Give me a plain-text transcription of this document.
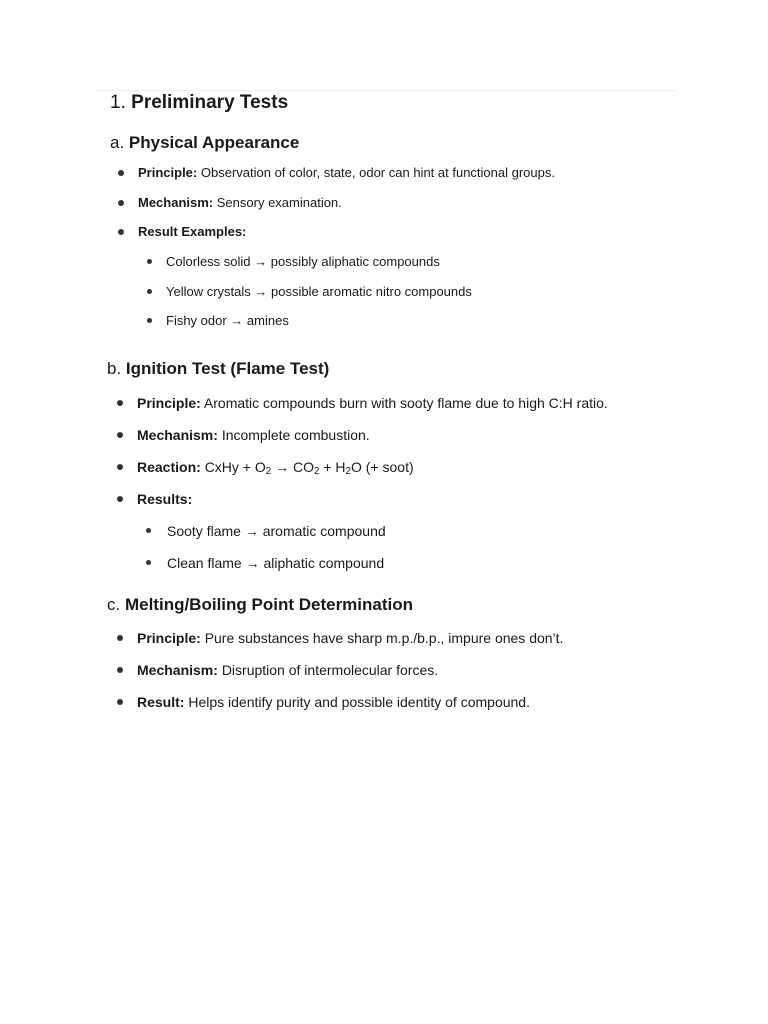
1. Preliminary Tests
a. Physical Appearance
Principle: Observation of color, state, odor can hint at functional groups.
Mechanism: Sensory examination.
Result Examples:
Colorless solid → possibly aliphatic compounds
Yellow crystals → possible aromatic nitro compounds
Fishy odor → amines
b. Ignition Test (Flame Test)
Principle: Aromatic compounds burn with sooty flame due to high C:H ratio.
Mechanism: Incomplete combustion.
Reaction: CxHy + $O_2 \to CO_2 + H_2O$ (+ soot)
Results:
Sooty flame → aromatic compound
Clean flame → aliphatic compound
c. Melting/Boiling Point Determination
Principle: Pure substances have sharp m.p./b.p., impure ones don’t.
Mechanism: Disruption of intermolecular forces.
Result: Helps identify purity and possible identity of compound.
